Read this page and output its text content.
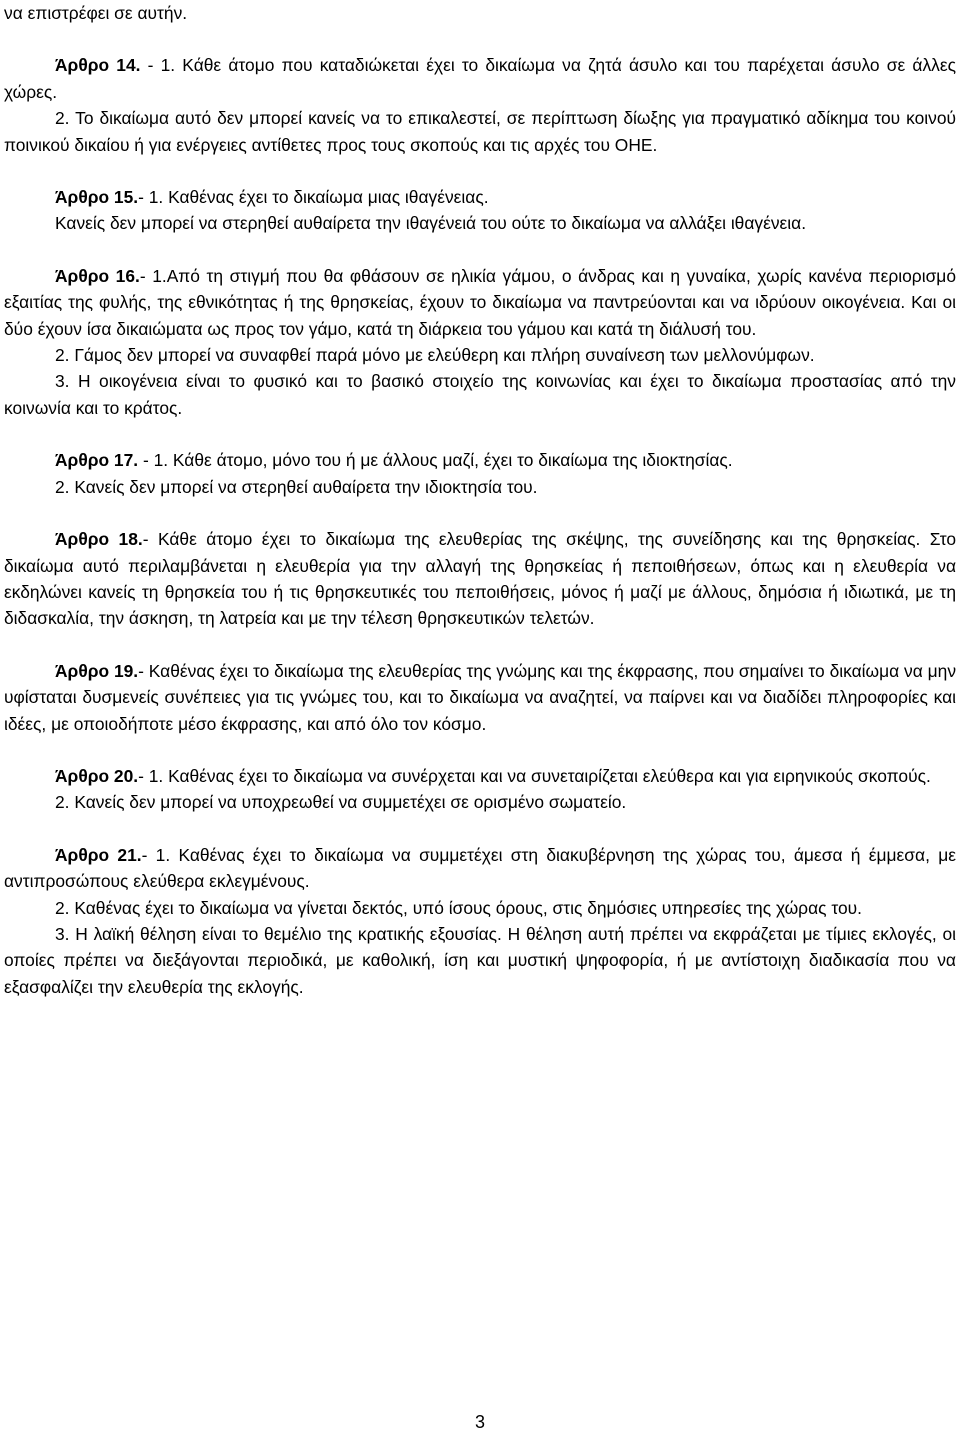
να επιστρέφει σε αυτήν.

Άρθρο 14. - 1. Κάθε άτομο που καταδιώκεται έχει το δικαίωμα να ζητά άσυλο και του παρέχεται άσυλο σε άλλες χώρες.

2. Το δικαίωμα αυτό δεν μπορεί κανείς να το επικαλεστεί, σε περίπτωση δίωξης για πραγματικό αδίκημα του κοινού ποινικού δικαίου ή για ενέργειες αντίθετες προς τους σκοπούς και τις αρχές του ΟΗΕ.

Άρθρο 15.- 1. Καθένας έχει το δικαίωμα μιας ιθαγένειας.

Κανείς δεν μπορεί να στερηθεί αυθαίρετα την ιθαγένειά του ούτε το δικαίωμα να αλλάξει ιθαγένεια.

Άρθρο 16.- 1.Από τη στιγμή που θα φθάσουν σε ηλικία γάμου, ο άνδρας και η γυναίκα, χωρίς κανένα περιορισμό εξαιτίας της φυλής, της εθνικότητας ή της θρησκείας, έχουν το δικαίωμα να παντρεύονται και να ιδρύουν οικογένεια. Και οι δύο έχουν ίσα δικαιώματα ως προς τον γάμο, κατά τη διάρκεια του γάμου και κατά τη διάλυσή του.

2. Γάμος δεν μπορεί να συναφθεί παρά μόνο με ελεύθερη και πλήρη συναίνεση των μελλονύμφων.

3. Η οικογένεια είναι το φυσικό και το βασικό στοιχείο της κοινωνίας και έχει το δικαίωμα προστασίας από την κοινωνία και το κράτος.

Άρθρο 17. - 1. Κάθε άτομο, μόνο του ή με άλλους μαζί, έχει το δικαίωμα της ιδιοκτησίας.

2. Κανείς δεν μπορεί να στερηθεί αυθαίρετα την ιδιοκτησία του.

Άρθρο 18.- Κάθε άτομο έχει το δικαίωμα της ελευθερίας της σκέψης, της συνείδησης και της θρησκείας. Στο δικαίωμα αυτό περιλαμβάνεται η ελευθερία για την αλλαγή της θρησκείας ή πεποιθήσεων, όπως και η ελευθερία να εκδηλώνει κανείς τη θρησκεία του ή τις θρησκευτικές του πεποιθήσεις, μόνος ή μαζί με άλλους, δημόσια ή ιδιωτικά, με τη διδασκαλία, την άσκηση, τη λατρεία και με την τέλεση θρησκευτικών τελετών.

Άρθρο 19.- Καθένας έχει το δικαίωμα της ελευθερίας της γνώμης και της έκφρασης, που σημαίνει το δικαίωμα να μην υφίσταται δυσμενείς συνέπειες για τις γνώμες του, και το δικαίωμα να αναζητεί, να παίρνει και να διαδίδει πληροφορίες και ιδέες, με οποιοδήποτε μέσο έκφρασης, και από όλο τον κόσμο.

Άρθρο 20.- 1. Καθένας έχει το δικαίωμα να συνέρχεται και να συνεταιρίζεται ελεύθερα και για ειρηνικούς σκοπούς.

2. Κανείς δεν μπορεί να υποχρεωθεί να συμμετέχει σε ορισμένο σωματείο.

Άρθρο 21.- 1. Καθένας έχει το δικαίωμα να συμμετέχει στη διακυβέρνηση της χώρας του, άμεσα ή έμμεσα, με αντιπροσώπους ελεύθερα εκλεγμένους.

2. Καθένας έχει το δικαίωμα να γίνεται δεκτός, υπό ίσους όρους, στις δημόσιες υπηρεσίες της χώρας του.

3. Η λαϊκή θέληση είναι το θεμέλιο της κρατικής εξουσίας. Η θέληση αυτή πρέπει να εκφράζεται με τίμιες εκλογές, οι οποίες πρέπει να διεξάγονται περιοδικά, με καθολική, ίση και μυστική ψηφοφορία, ή με αντίστοιχη διαδικασία που να εξασφαλίζει την ελευθερία της εκλογής.

3
